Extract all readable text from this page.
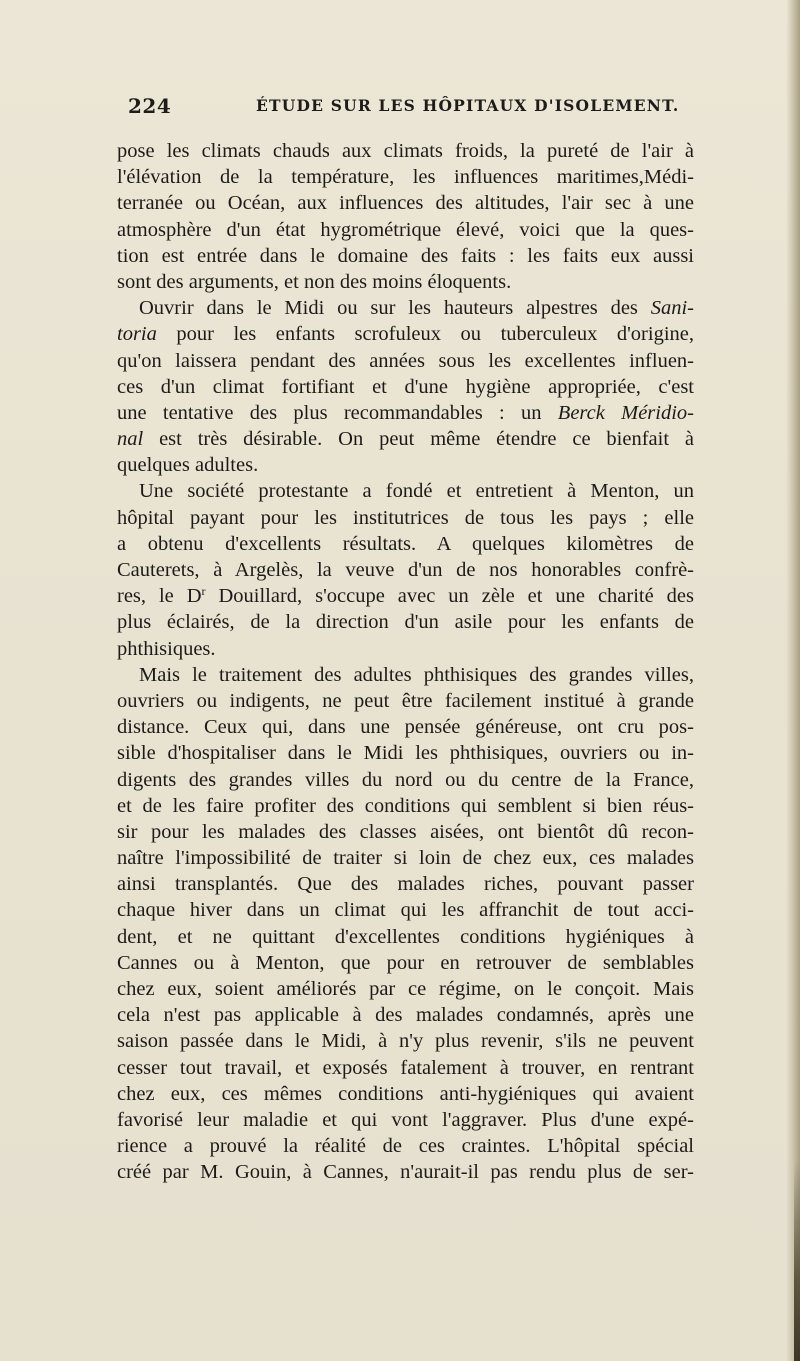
224	ÉTUDE SUR LES HÔPITAUX D'ISOLEMENT.
pose les climats chauds aux climats froids, la pureté de l'air à
l'élévation de la température, les influences maritimes,Médi-
terranée ou Océan, aux influences des altitudes, l'air sec à une
atmosphère d'un état hygrométrique élevé, voici que la ques-
tion est entrée dans le domaine des faits : les faits eux aussi
sont des arguments, et non des moins éloquents.
Ouvrir dans le Midi ou sur les hauteurs alpestres des Sani-
toria pour les enfants scrofuleux ou tuberculeux d'origine,
qu'on laissera pendant des années sous les excellentes influen-
ces d'un climat fortifiant et d'une hygiène appropriée, c'est
une tentative des plus recommandables : un Berck Méridio-
nal est très désirable. On peut même étendre ce bienfait à
quelques adultes.
Une société protestante a fondé et entretient à Menton, un
hôpital payant pour les institutrices de tous les pays ; elle
a obtenu d'excellents résultats. A quelques kilomètres de
Cauterets, à Argelès, la veuve d'un de nos honorables confrè-
res, le $D^r$ Douillard, s'occupe avec un zèle et une charité des
plus éclairés, de la direction d'un asile pour les enfants de
phthisiques.
Mais le traitement des adultes phthisiques des grandes villes,
ouvriers ou indigents, ne peut être facilement institué à grande
distance. Ceux qui, dans une pensée généreuse, ont cru pos-
sible d'hospitaliser dans le Midi les phthisiques, ouvriers ou in-
digents des grandes villes du nord ou du centre de la France,
et de les faire profiter des conditions qui semblent si bien réus-
sir pour les malades des classes aisées, ont bientôt dû recon-
naître l'impossibilité de traiter si loin de chez eux, ces malades
ainsi transplantés. Que des malades riches, pouvant passer
chaque hiver dans un climat qui les affranchit de tout acci-
dent, et ne quittant d'excellentes conditions hygiéniques à
Cannes ou à Menton, que pour en retrouver de semblables
chez eux, soient améliorés par ce régime, on le conçoit. Mais
cela n'est pas applicable à des malades condamnés, après une
saison passée dans le Midi, à n'y plus revenir, s'ils ne peuvent
cesser tout travail, et exposés fatalement à trouver, en rentrant
chez eux, ces mêmes conditions anti-hygiéniques qui avaient
favorisé leur maladie et qui vont l'aggraver. Plus d'une expé-
rience a prouvé la réalité de ces craintes. L'hôpital spécial
créé par M. Gouin, à Cannes, n'aurait-il pas rendu plus de ser-
